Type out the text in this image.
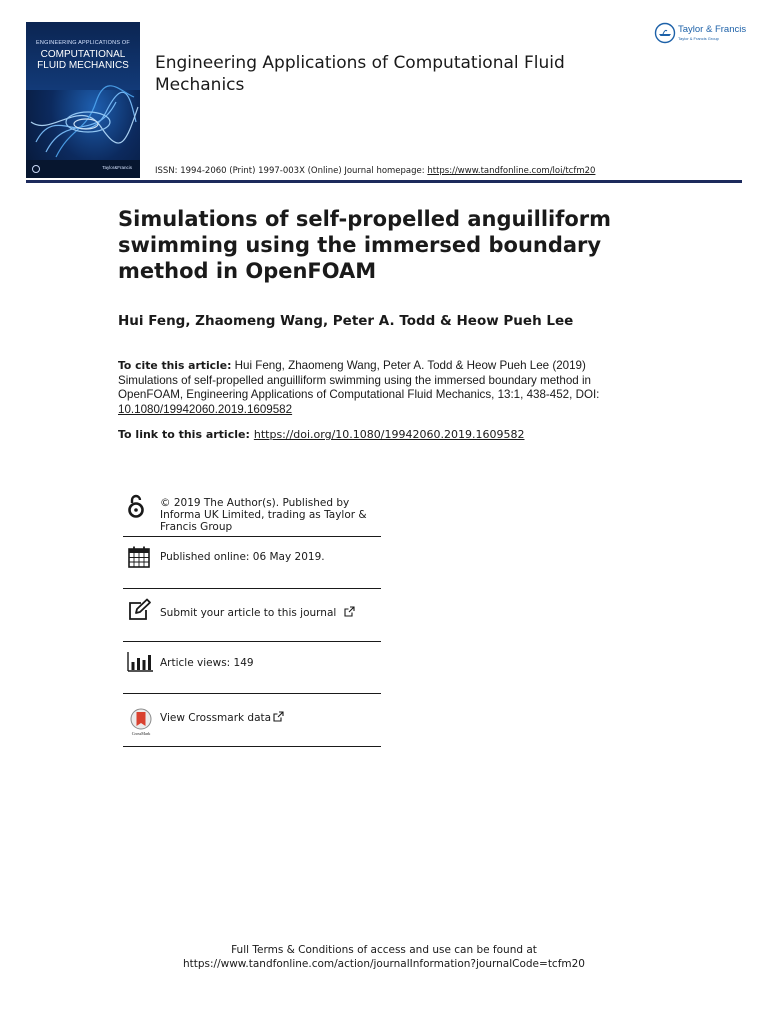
ENGINEERING APPLICATIONS OF
COMPUTATIONAL
FLUID MECHANICS
Taylor&Francis
Engineering Applications of Computational Fluid Mechanics
ISSN: 1994-2060 (Print) 1997-003X (Online) Journal homepage: https://www.tandfonline.com/loi/tcfm20
Taylor & Francis
Taylor & Francis Group
Simulations of self-propelled anguilliform swimming using the immersed boundary method in OpenFOAM
Hui Feng, Zhaomeng Wang, Peter A. Todd & Heow Pueh Lee
To cite this article: Hui Feng, Zhaomeng Wang, Peter A. Todd & Heow Pueh Lee (2019) Simulations of self-propelled anguilliform swimming using the immersed boundary method in OpenFOAM, Engineering Applications of Computational Fluid Mechanics, 13:1, 438-452, DOI: 10.1080/19942060.2019.1609582
To link to this article: https://doi.org/10.1080/19942060.2019.1609582
© 2019 The Author(s). Published by Informa UK Limited, trading as Taylor & Francis Group
Published online: 06 May 2019.
Submit your article to this journal
Article views: 149
CrossMark
View Crossmark data
Full Terms & Conditions of access and use can be found at
https://www.tandfonline.com/action/journalInformation?journalCode=tcfm20
